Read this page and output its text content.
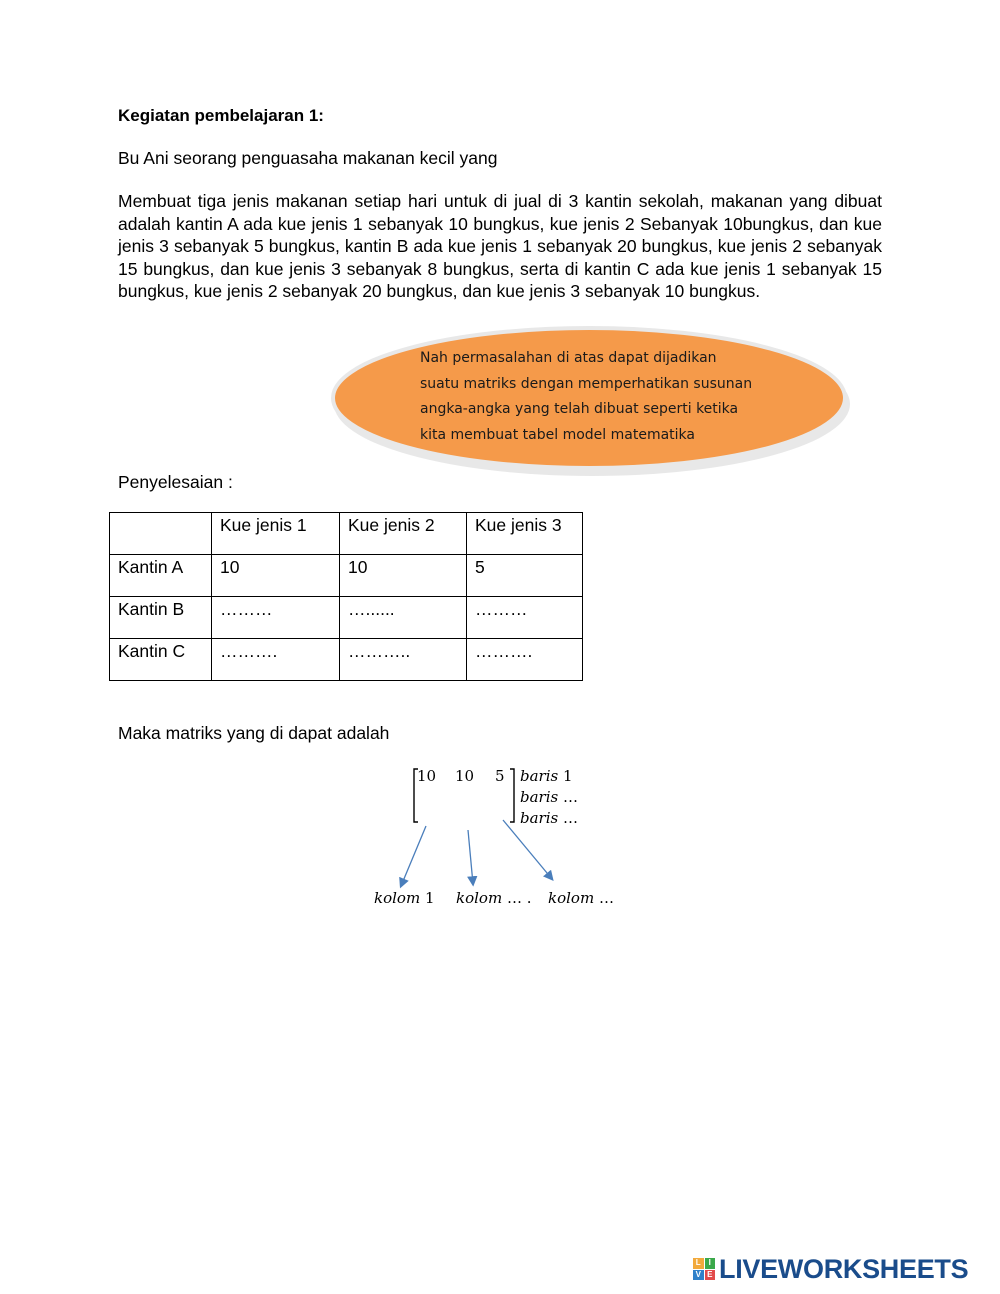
Kegiatan pembelajaran 1:
Bu Ani seorang penguasaha makanan kecil yang

Membuat tiga jenis makanan setiap hari untuk di jual di 3 kantin sekolah, makanan yang dibuat adalah kantin A ada kue jenis 1 sebanyak 10 bungkus, kue jenis 2 Sebanyak 10bungkus, dan kue jenis 3 sebanyak 5 bungkus, kantin B ada kue jenis 1 sebanyak 20 bungkus, kue jenis 2 sebanyak 15 bungkus, dan kue jenis 3 sebanyak 8 bungkus, serta di kantin C ada kue jenis 1 sebanyak 15 bungkus, kue jenis 2 sebanyak 20 bungkus, dan kue jenis 3 sebanyak 10 bungkus.

Nah permasalahan di atas dapat dijadikan
suatu matriks dengan memperhatikan susunan
angka-angka yang telah dibuat seperti ketika
kita membuat tabel model matematika
Penyelesaian :
	Kue jenis 1	Kue jenis 2	Kue jenis 3
Kantin A	10	10	5
Kantin B	………	…......	………
Kantin C	……….	………..	……….
Maka matriks yang di dapat adalah
10 10 5 baris 1
baris …
baris …
kolom 1 kolom … . kolom …
L I
V E LIVEWORKSHEETS
